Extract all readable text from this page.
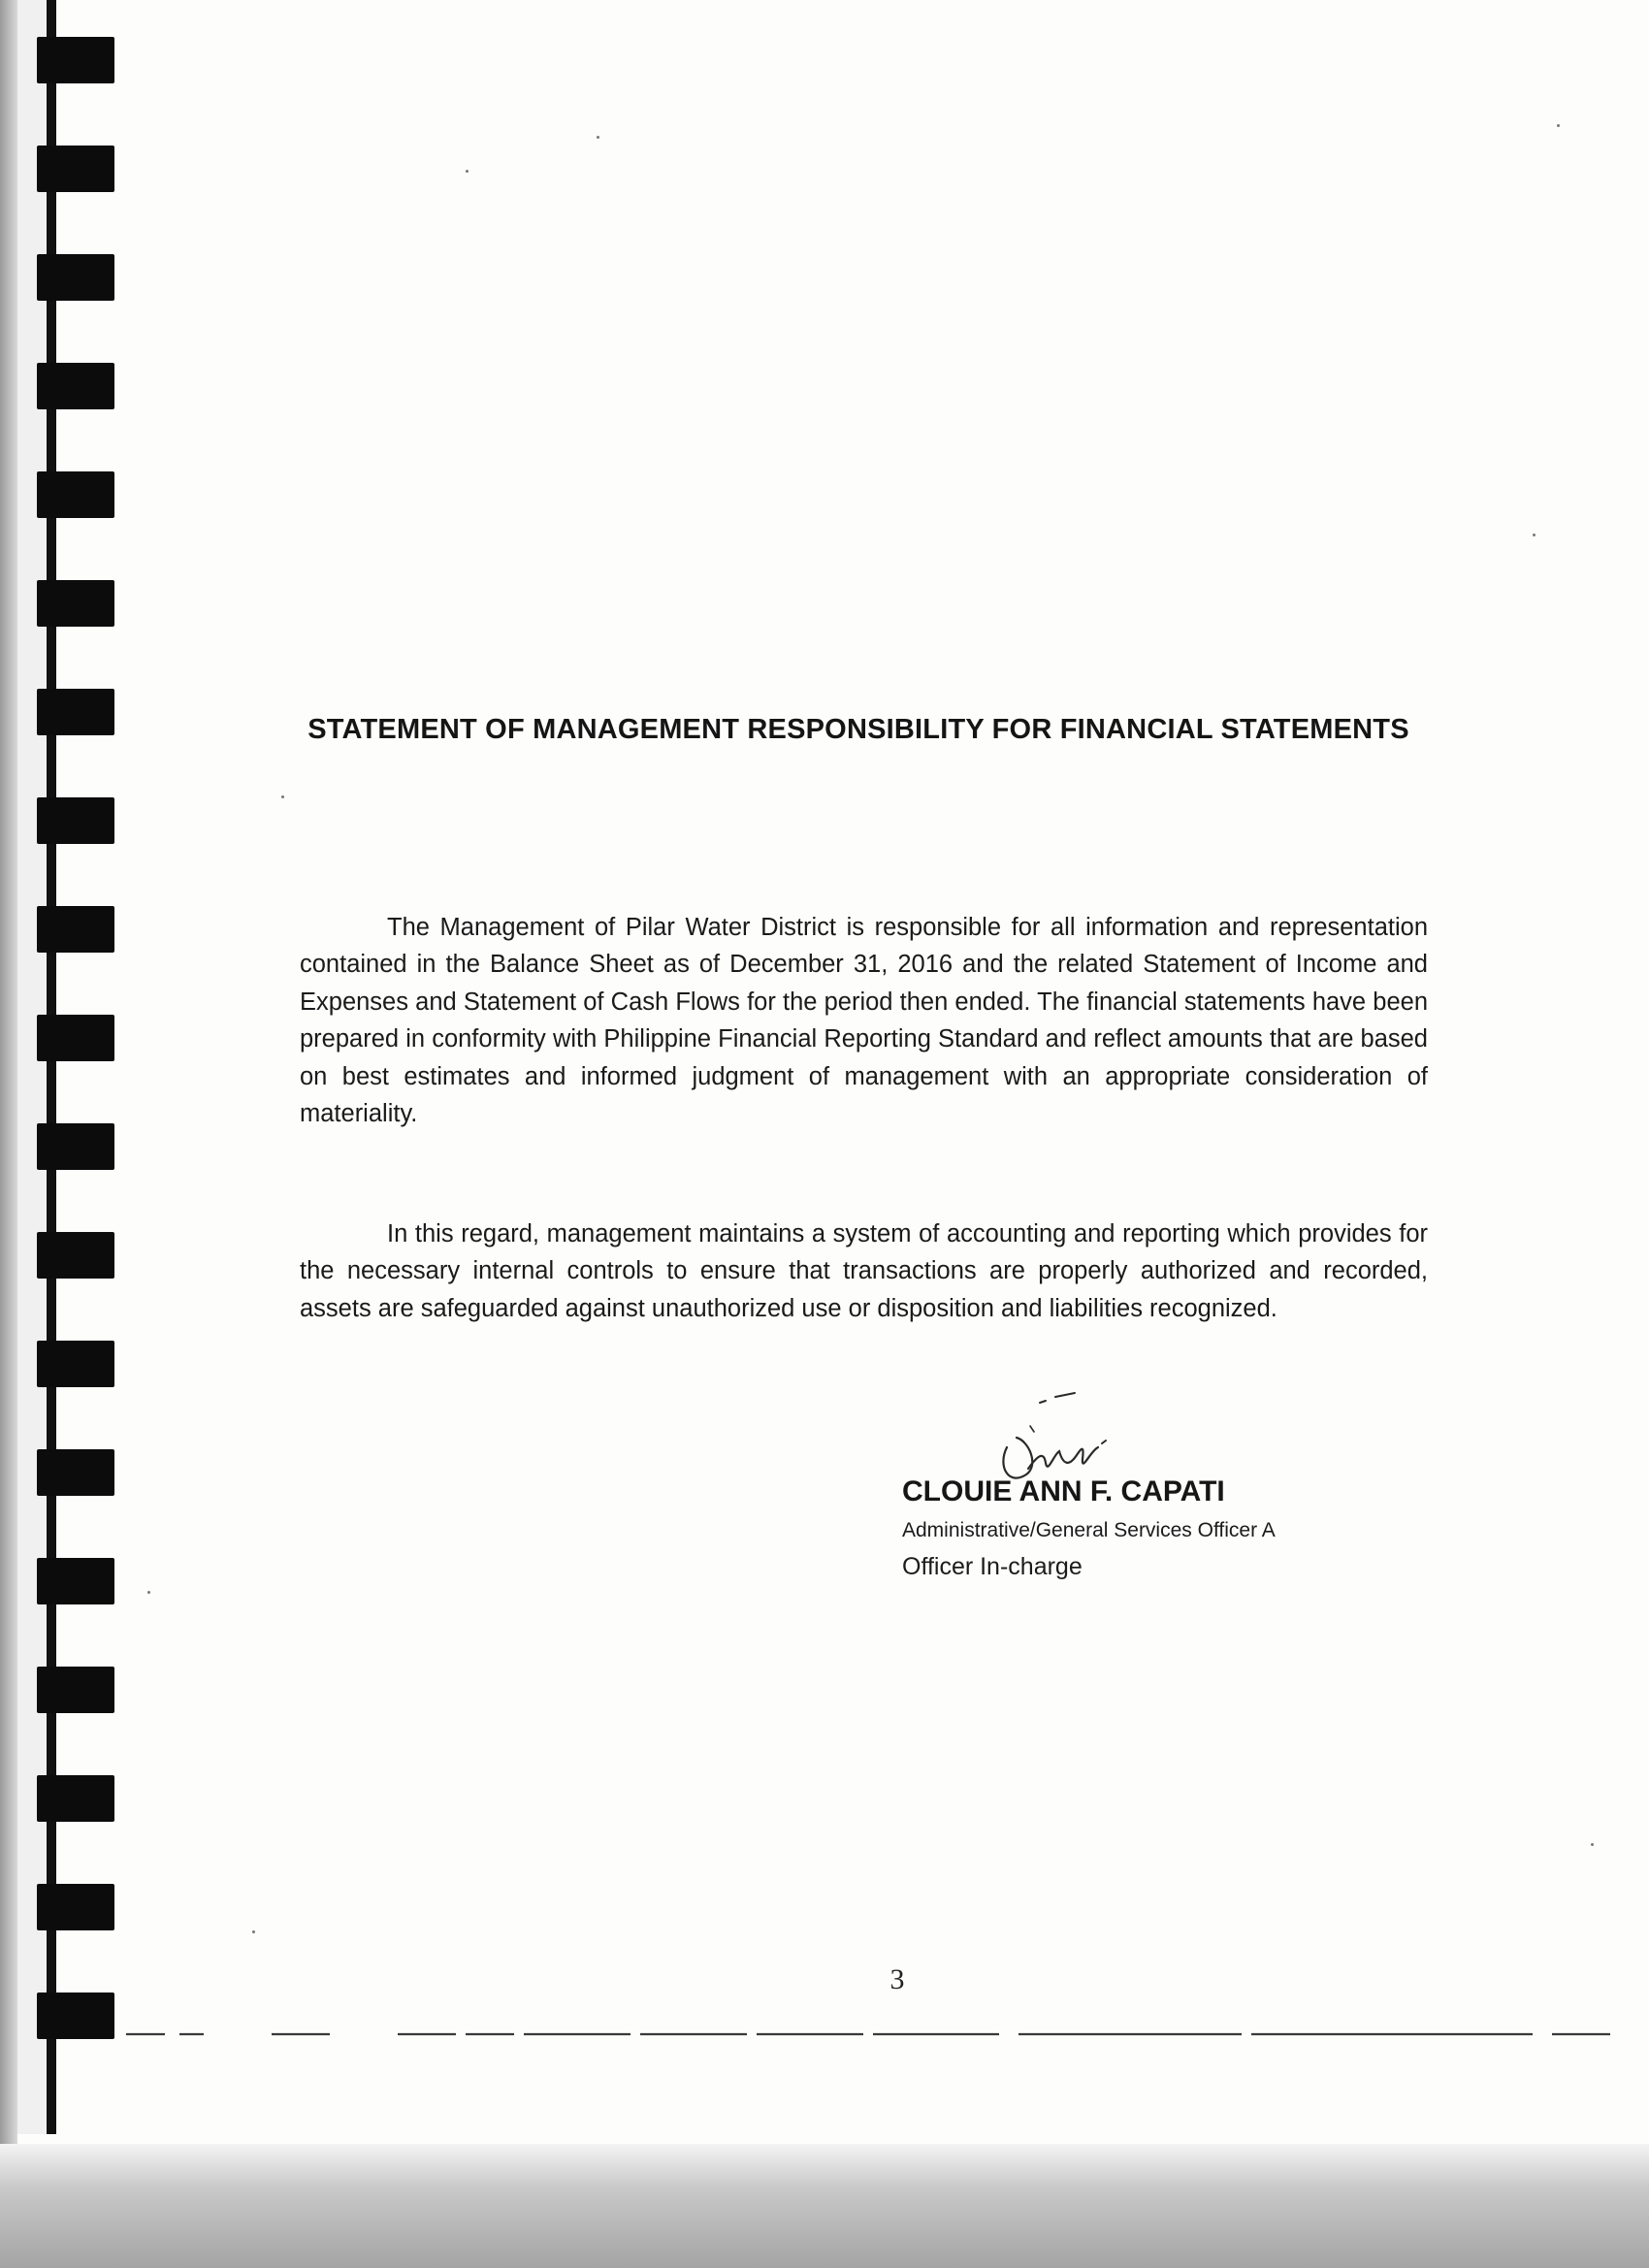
STATEMENT OF MANAGEMENT RESPONSIBILITY FOR FINANCIAL STATEMENTS

The Management of Pilar Water District is responsible for all information and representation contained in the Balance Sheet as of December 31, 2016 and the related Statement of Income and Expenses and Statement of Cash Flows for the period then ended. The financial statements have been prepared in conformity with Philippine Financial Reporting Standard and reflect amounts that are based on best estimates and informed judgment of management with an appropriate consideration of materiality.

In this regard, management maintains a system of accounting and reporting which provides for the necessary internal controls to ensure that transactions are properly authorized and recorded, assets are safeguarded against unauthorized use or disposition and liabilities recognized.

CLOUIE ANN F. CAPATI
Administrative/General Services Officer A
Officer In-charge
3
